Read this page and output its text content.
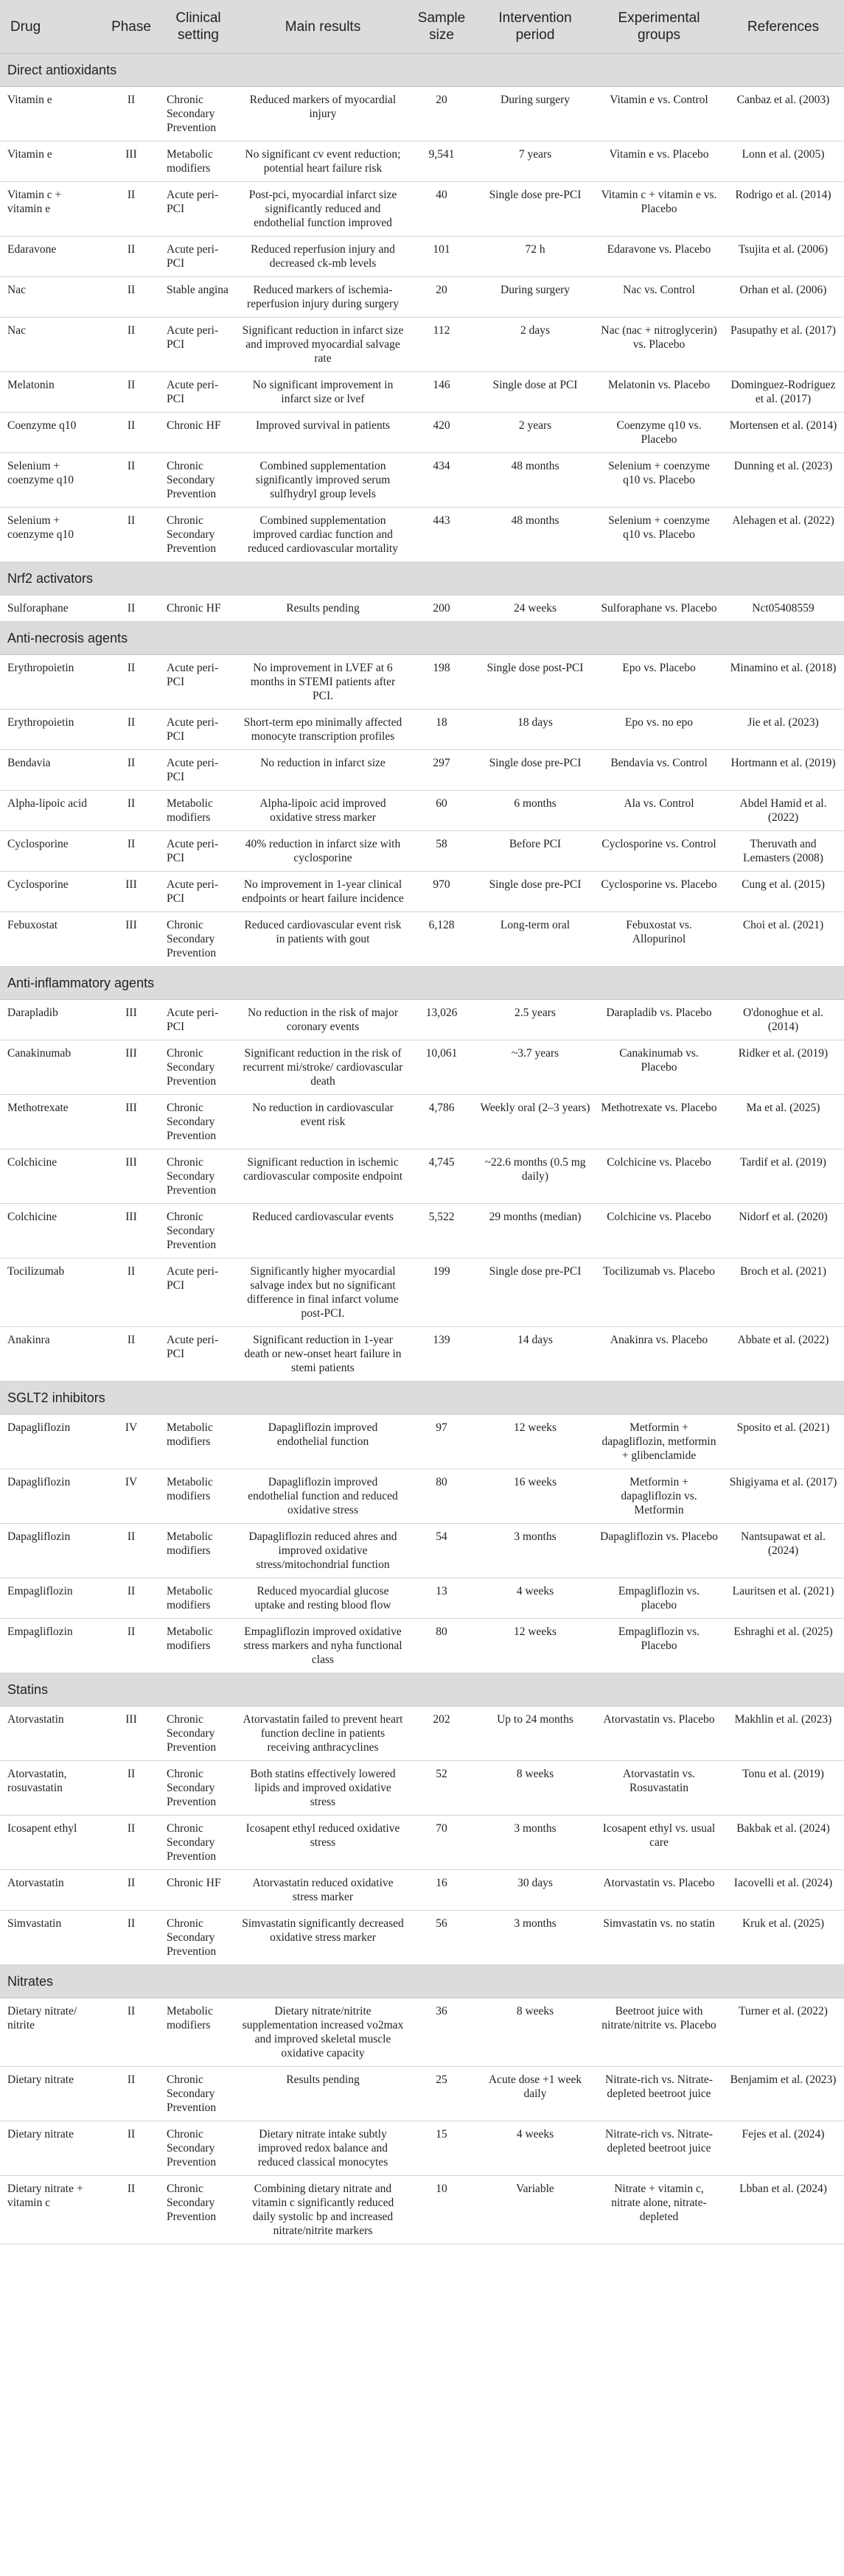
Drug	Phase	Clinical setting	Main results	Sample size	Intervention period	Experimental groups	References
Direct antioxidants							
Vitamin e	II	Chronic Secondary Prevention	Reduced markers of myocardial injury	20	During surgery	Vitamin e vs. Control	Canbaz et al. (2003)
Vitamin e	III	Metabolic modifiers	No significant cv event reduction; potential heart failure risk	9,541	7 years	Vitamin e vs. Placebo	Lonn et al. (2005)
Vitamin c + vitamin e	II	Acute peri-PCI	Post-pci, myocardial infarct size significantly reduced and endothelial function improved	40	Single dose pre-PCI	Vitamin c + vitamin e vs. Placebo	Rodrigo et al. (2014)
Edaravone	II	Acute peri-PCI	Reduced reperfusion injury and decreased ck-mb levels	101	72 h	Edaravone vs. Placebo	Tsujita et al. (2006)
Nac	II	Stable angina	Reduced markers of ischemia-reperfusion injury during surgery	20	During surgery	Nac vs. Control	Orhan et al. (2006)
Nac	II	Acute peri-PCI	Significant reduction in infarct size and improved myocardial salvage rate	112	2 days	Nac (nac + nitroglycerin) vs. Placebo	Pasupathy et al. (2017)
Melatonin	II	Acute peri-PCI	No significant improvement in infarct size or lvef	146	Single dose at PCI	Melatonin vs. Placebo	Dominguez-Rodriguez et al. (2017)
Coenzyme q10	II	Chronic HF	Improved survival in patients	420	2 years	Coenzyme q10 vs. Placebo	Mortensen et al. (2014)
Selenium + coenzyme q10	II	Chronic Secondary Prevention	Combined supplementation significantly improved serum sulfhydryl group levels	434	48 months	Selenium + coenzyme q10 vs. Placebo	Dunning et al. (2023)
Selenium + coenzyme q10	II	Chronic Secondary Prevention	Combined supplementation improved cardiac function and reduced cardiovascular mortality	443	48 months	Selenium + coenzyme q10 vs. Placebo	Alehagen et al. (2022)
Nrf2 activators							
Sulforaphane	II	Chronic HF	Results pending	200	24 weeks	Sulforaphane vs. Placebo	Nct05408559
Anti-necrosis agents							
Erythropoietin	II	Acute peri-PCI	No improvement in LVEF at 6 months in STEMI patients after PCI.	198	Single dose post-PCI	Epo vs. Placebo	Minamino et al. (2018)
Erythropoietin	II	Acute peri-PCI	Short-term epo minimally affected monocyte transcription profiles	18	18 days	Epo vs. no epo	Jie et al. (2023)
Bendavia	II	Acute peri-PCI	No reduction in infarct size	297	Single dose pre-PCI	Bendavia vs. Control	Hortmann et al. (2019)
Alpha-lipoic acid	II	Metabolic modifiers	Alpha-lipoic acid improved oxidative stress marker	60	6 months	Ala vs. Control	Abdel Hamid et al. (2022)
Cyclosporine	II	Acute peri-PCI	40% reduction in infarct size with cyclosporine	58	Before PCI	Cyclosporine vs. Control	Theruvath and Lemasters (2008)
Cyclosporine	III	Acute peri-PCI	No improvement in 1-year clinical endpoints or heart failure incidence	970	Single dose pre-PCI	Cyclosporine vs. Placebo	Cung et al. (2015)
Febuxostat	III	Chronic Secondary Prevention	Reduced cardiovascular event risk in patients with gout	6,128	Long-term oral	Febuxostat vs. Allopurinol	Choi et al. (2021)
Anti-inflammatory agents							
Darapladib	III	Acute peri-PCI	No reduction in the risk of major coronary events	13,026	2.5 years	Darapladib vs. Placebo	O'donoghue et al. (2014)
Canakinumab	III	Chronic Secondary Prevention	Significant reduction in the risk of recurrent mi/stroke/ cardiovascular death	10,061	~3.7 years	Canakinumab vs. Placebo	Ridker et al. (2019)
Methotrexate	III	Chronic Secondary Prevention	No reduction in cardiovascular event risk	4,786	Weekly oral (2–3 years)	Methotrexate vs. Placebo	Ma et al. (2025)
Colchicine	III	Chronic Secondary Prevention	Significant reduction in ischemic cardiovascular composite endpoint	4,745	~22.6 months (0.5 mg daily)	Colchicine vs. Placebo	Tardif et al. (2019)
Colchicine	III	Chronic Secondary Prevention	Reduced cardiovascular events	5,522	29 months (median)	Colchicine vs. Placebo	Nidorf et al. (2020)
Tocilizumab	II	Acute peri-PCI	Significantly higher myocardial salvage index but no significant difference in final infarct volume post-PCI.	199	Single dose pre-PCI	Tocilizumab vs. Placebo	Broch et al. (2021)
Anakinra	II	Acute peri-PCI	Significant reduction in 1-year death or new-onset heart failure in stemi patients	139	14 days	Anakinra vs. Placebo	Abbate et al. (2022)
SGLT2 inhibitors							
Dapagliflozin	IV	Metabolic modifiers	Dapagliflozin improved endothelial function	97	12 weeks	Metformin + dapagliflozin, metformin + glibenclamide	Sposito et al. (2021)
Dapagliflozin	IV	Metabolic modifiers	Dapagliflozin improved endothelial function and reduced oxidative stress	80	16 weeks	Metformin + dapagliflozin vs. Metformin	Shigiyama et al. (2017)
Dapagliflozin	II	Metabolic modifiers	Dapagliflozin reduced ahres and improved oxidative stress/mitochondrial function	54	3 months	Dapagliflozin vs. Placebo	Nantsupawat et al. (2024)
Empagliflozin	II	Metabolic modifiers	Reduced myocardial glucose uptake and resting blood flow	13	4 weeks	Empagliflozin vs. placebo	Lauritsen et al. (2021)
Empagliflozin	II	Metabolic modifiers	Empagliflozin improved oxidative stress markers and nyha functional class	80	12 weeks	Empagliflozin vs. Placebo	Eshraghi et al. (2025)
Statins							
Atorvastatin	III	Chronic Secondary Prevention	Atorvastatin failed to prevent heart function decline in patients receiving anthracyclines	202	Up to 24 months	Atorvastatin vs. Placebo	Makhlin et al. (2023)
Atorvastatin, rosuvastatin	II	Chronic Secondary Prevention	Both statins effectively lowered lipids and improved oxidative stress	52	8 weeks	Atorvastatin vs. Rosuvastatin	Tonu et al. (2019)
Icosapent ethyl	II	Chronic Secondary Prevention	Icosapent ethyl reduced oxidative stress	70	3 months	Icosapent ethyl vs. usual care	Bakbak et al. (2024)
Atorvastatin	II	Chronic HF	Atorvastatin reduced oxidative stress marker	16	30 days	Atorvastatin vs. Placebo	Iacovelli et al. (2024)
Simvastatin	II	Chronic Secondary Prevention	Simvastatin significantly decreased oxidative stress marker	56	3 months	Simvastatin vs. no statin	Kruk et al. (2025)
Nitrates							
Dietary nitrate/ nitrite	II	Metabolic modifiers	Dietary nitrate/nitrite supplementation increased vo2max and improved skeletal muscle oxidative capacity	36	8 weeks	Beetroot juice with nitrate/nitrite vs. Placebo	Turner et al. (2022)
Dietary nitrate	II	Chronic Secondary Prevention	Results pending	25	Acute dose +1 week daily	Nitrate-rich vs. Nitrate-depleted beetroot juice	Benjamim et al. (2023)
Dietary nitrate	II	Chronic Secondary Prevention	Dietary nitrate intake subtly improved redox balance and reduced classical monocytes	15	4 weeks	Nitrate-rich vs. Nitrate-depleted beetroot juice	Fejes et al. (2024)
Dietary nitrate + vitamin c	II	Chronic Secondary Prevention	Combining dietary nitrate and vitamin c significantly reduced daily systolic bp and increased nitrate/nitrite markers	10	Variable	Nitrate + vitamin c, nitrate alone, nitrate-depleted	Lbban et al. (2024)
